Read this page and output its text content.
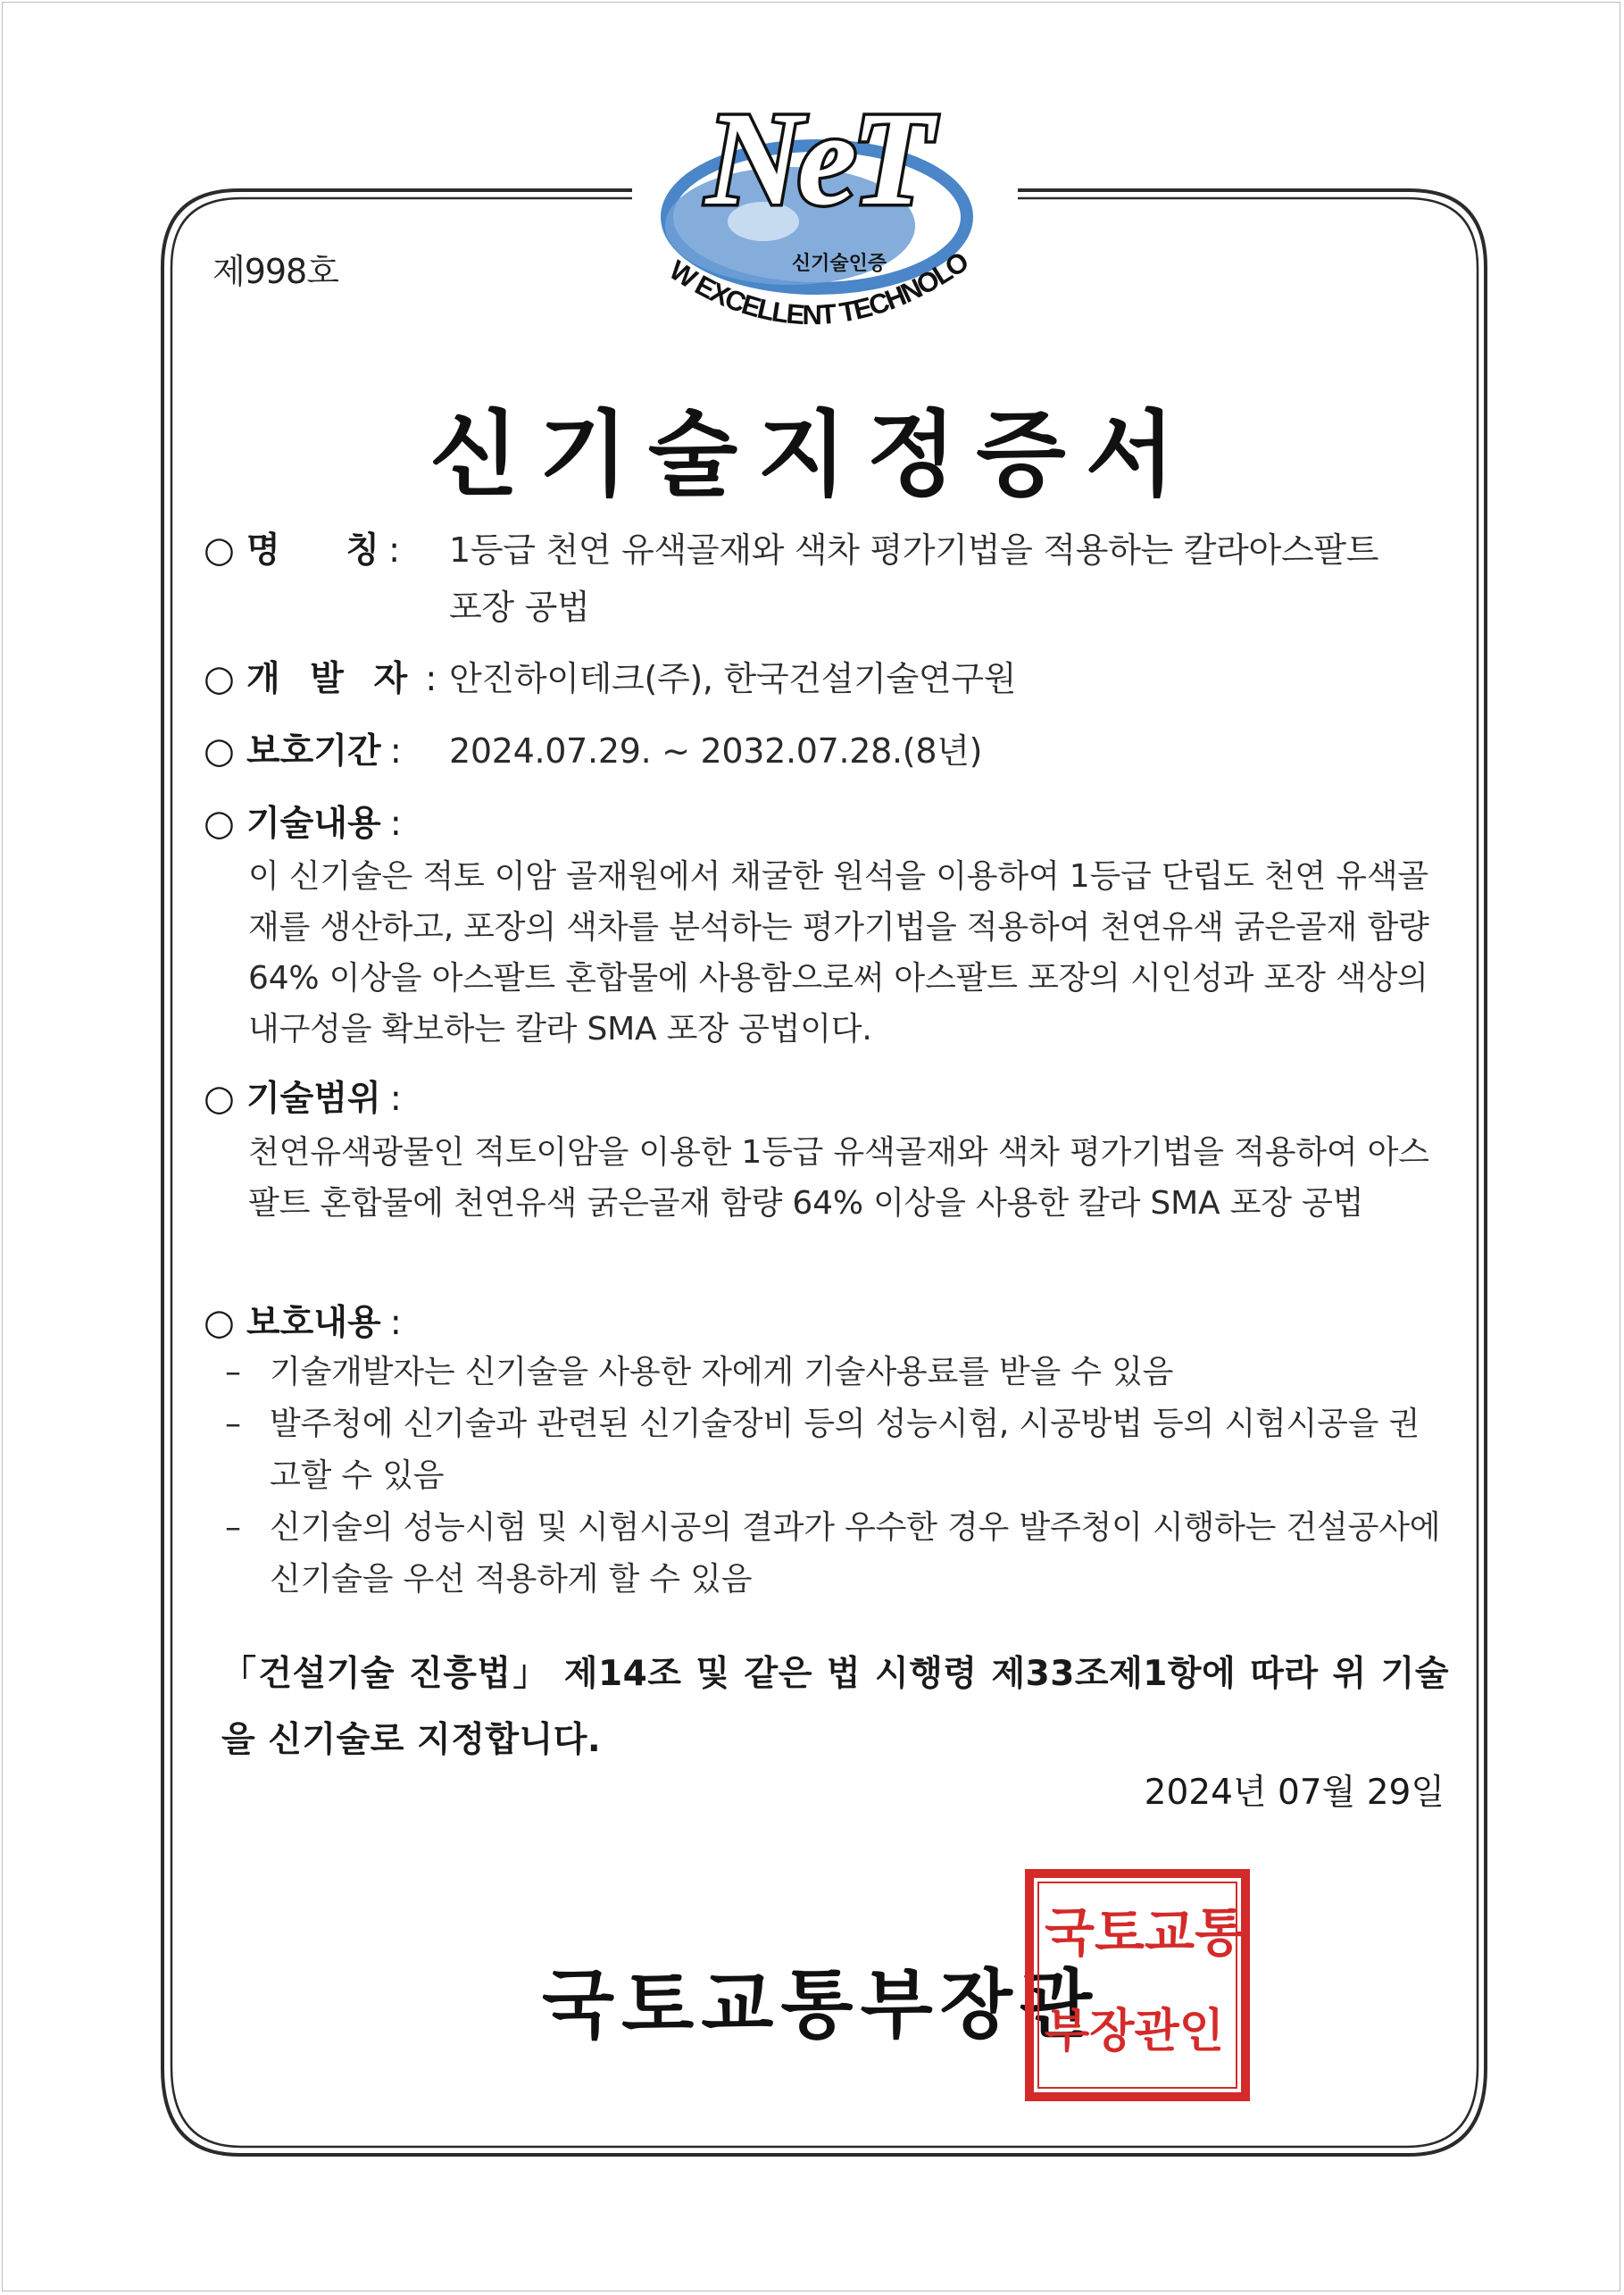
NeT
신기술인증
W EXCELLENT TECHNOLO
제998호
신기술지정증서
○ 명 칭 :	1등급 천연 유색골재와 색차 평가기법을 적용하는 칼라아스팔트
포장 공법
○ 개 발 자 : 안진하이테크(주), 한국건설기술연구원
○ 보호기간 :	2024.07.29. ~ 2032.07.28.(8년)
○ 기술내용 :
이 신기술은 적토 이암 골재원에서 채굴한 원석을 이용하여 1등급 단립도 천연 유색골재를 생산하고, 포장의 색차를 분석하는 평가기법을 적용하여 천연유색 굵은골재 함량 64% 이상을 아스팔트 혼합물에 사용함으로써 아스팔트 포장의 시인성과 포장 색상의 내구성을 확보하는 칼라 SMA 포장 공법이다.
○ 기술범위 :
천연유색광물인 적토이암을 이용한 1등급 유색골재와 색차 평가기법을 적용하여 아스팔트 혼합물에 천연유색 굵은골재 함량 64% 이상을 사용한 칼라 SMA 포장 공법
○ 보호내용 :
– 기술개발자는 신기술을 사용한 자에게 기술사용료를 받을 수 있음
– 발주청에 신기술과 관련된 신기술장비 등의 성능시험, 시공방법 등의 시험시공을 권고할 수 있음
– 신기술의 성능시험 및 시험시공의 결과가 우수한 경우 발주청이 시행하는 건설공사에 신기술을 우선 적용하게 할 수 있음
「건설기술 진흥법」 제14조 및 같은 법 시행령 제33조제1항에 따라 위 기술을 신기술로 지정합니다.
2024년 07월 29일
국토교통부장관
국토교통
부장관인
